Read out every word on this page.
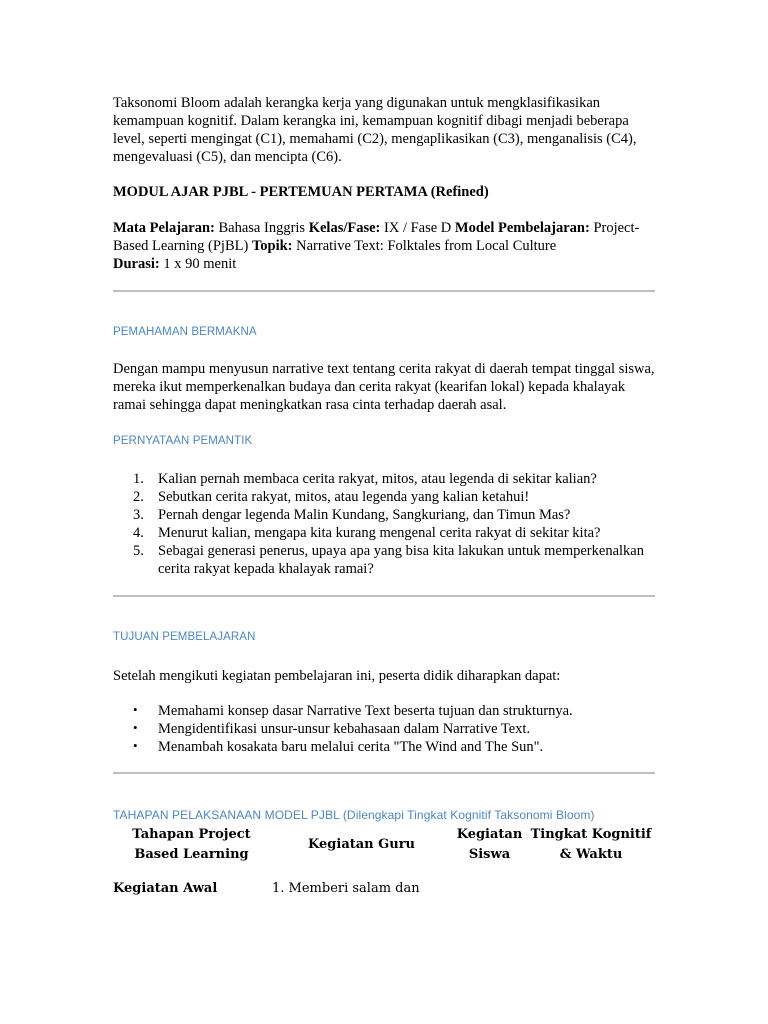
Taksonomi Bloom adalah kerangka kerja yang digunakan untuk mengklasifikasikan kemampuan kognitif. Dalam kerangka ini, kemampuan kognitif dibagi menjadi beberapa level, seperti mengingat (C1), memahami (C2), mengaplikasikan (C3), menganalisis (C4), mengevaluasi (C5), dan mencipta (C6).

MODUL AJAR PJBL - PERTEMUAN PERTAMA (Refined)

Mata Pelajaran: Bahasa Inggris Kelas/Fase: IX / Fase D Model Pembelajaran: Project-Based Learning (PjBL) Topik: Narrative Text: Folktales from Local Culture
Durasi: 1 x 90 menit

PEMAHAMAN BERMAKNA

Dengan mampu menyusun narrative text tentang cerita rakyat di daerah tempat tinggal siswa, mereka ikut memperkenalkan budaya dan cerita rakyat (kearifan lokal) kepada khalayak ramai sehingga dapat meningkatkan rasa cinta terhadap daerah asal.

PERNYATAAN PEMANTIK

1. Kalian pernah membaca cerita rakyat, mitos, atau legenda di sekitar kalian?
2. Sebutkan cerita rakyat, mitos, atau legenda yang kalian ketahui!
3. Pernah dengar legenda Malin Kundang, Sangkuriang, dan Timun Mas?
4. Menurut kalian, mengapa kita kurang mengenal cerita rakyat di sekitar kita?
5. Sebagai generasi penerus, upaya apa yang bisa kita lakukan untuk memperkenalkan cerita rakyat kepada khalayak ramai?

TUJUAN PEMBELAJARAN

Setelah mengikuti kegiatan pembelajaran ini, peserta didik diharapkan dapat:

• Memahami konsep dasar Narrative Text beserta tujuan dan strukturnya.
• Mengidentifikasi unsur-unsur kebahasaan dalam Narrative Text.
• Menambah kosakata baru melalui cerita "The Wind and The Sun".

TAHAPAN PELAKSANAAN MODEL PJBL (Dilengkapi Tingkat Kognitif Taksonomi Bloom)

Tahapan Project Based Learning	Kegiatan Guru	Kegiatan Siswa	Tingkat Kognitif & Waktu

Kegiatan Awal	1. Memberi salam dan		
